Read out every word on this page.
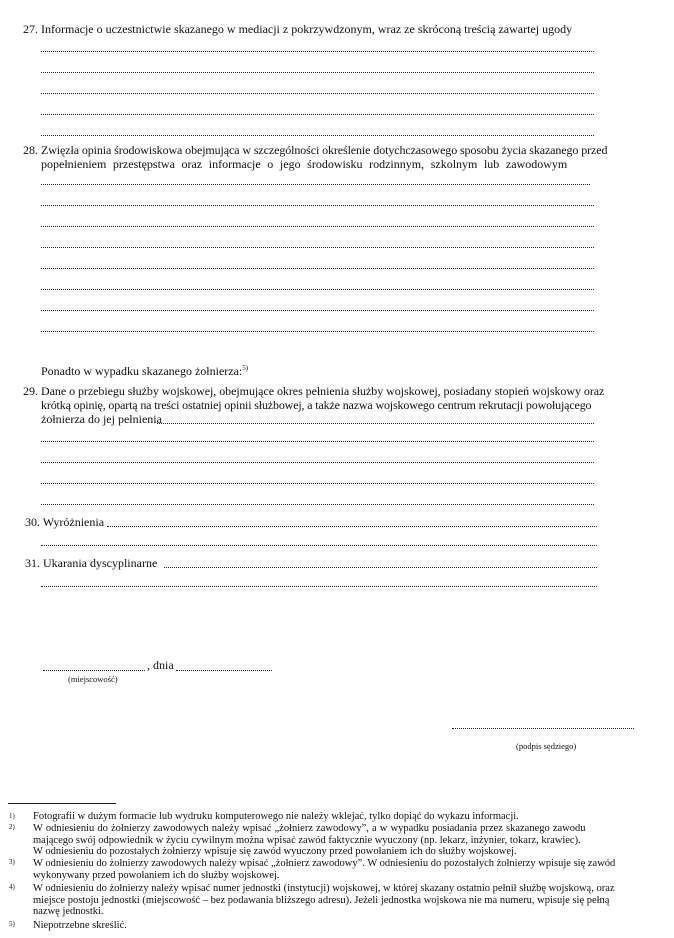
27. Informacje o uczestnictwie skazanego w mediacji z pokrzywdzonym, wraz ze skróconą treścią zawartej ugody
28. Zwięzła opinia środowiskowa obejmująca w szczególności określenie dotychczasowego sposobu życia skazanego przed
popełnieniem przestępstwa oraz informacje o jego środowisku rodzinnym, szkolnym lub zawodowym
Ponadto w wypadku skazanego żołnierza:$^{5)}$
29. Dane o przebiegu służby wojskowej, obejmujące okres pełnienia służby wojskowej, posiadany stopień wojskowy oraz
krótką opinię, opartą na treści ostatniej opinii służbowej, a także nazwa wojskowego centrum rekrutacji powołującego
żołnierza do jej pełnienia
30. Wyróżnienia
31. Ukarania dyscyplinarne
, dnia
(miejscowość)
(podpis sędziego)
1) Fotografii w dużym formacie lub wydruku komputerowego nie należy wklejać, tylko dopiąć do wykazu informacji.
2) W odniesieniu do żołnierzy zawodowych należy wpisać „żołnierz zawodowy”, a w wypadku posiadania przez skazanego zawodu
mającego swój odpowiednik w życiu cywilnym można wpisać zawód faktycznie wyuczony (np. lekarz, inżynier, tokarz, krawiec).
W odniesieniu do pozostałych żołnierzy wpisuje się zawód wyuczony przed powołaniem ich do służby wojskowej.
3) W odniesieniu do żołnierzy zawodowych należy wpisać „żołnierz zawodowy”. W odniesieniu do pozostałych żołnierzy wpisuje się zawód
wykonywany przed powołaniem ich do służby wojskowej.
4) W odniesieniu do żołnierzy należy wpisać numer jednostki (instytucji) wojskowej, w której skazany ostatnio pełnił służbę wojskową, oraz
miejsce postoju jednostki (miejscowość – bez podawania bliższego adresu). Jeżeli jednostka wojskowa nie ma numeru, wpisuje się pełną
nazwę jednostki.
5) Niepotrzebne skreślić.
